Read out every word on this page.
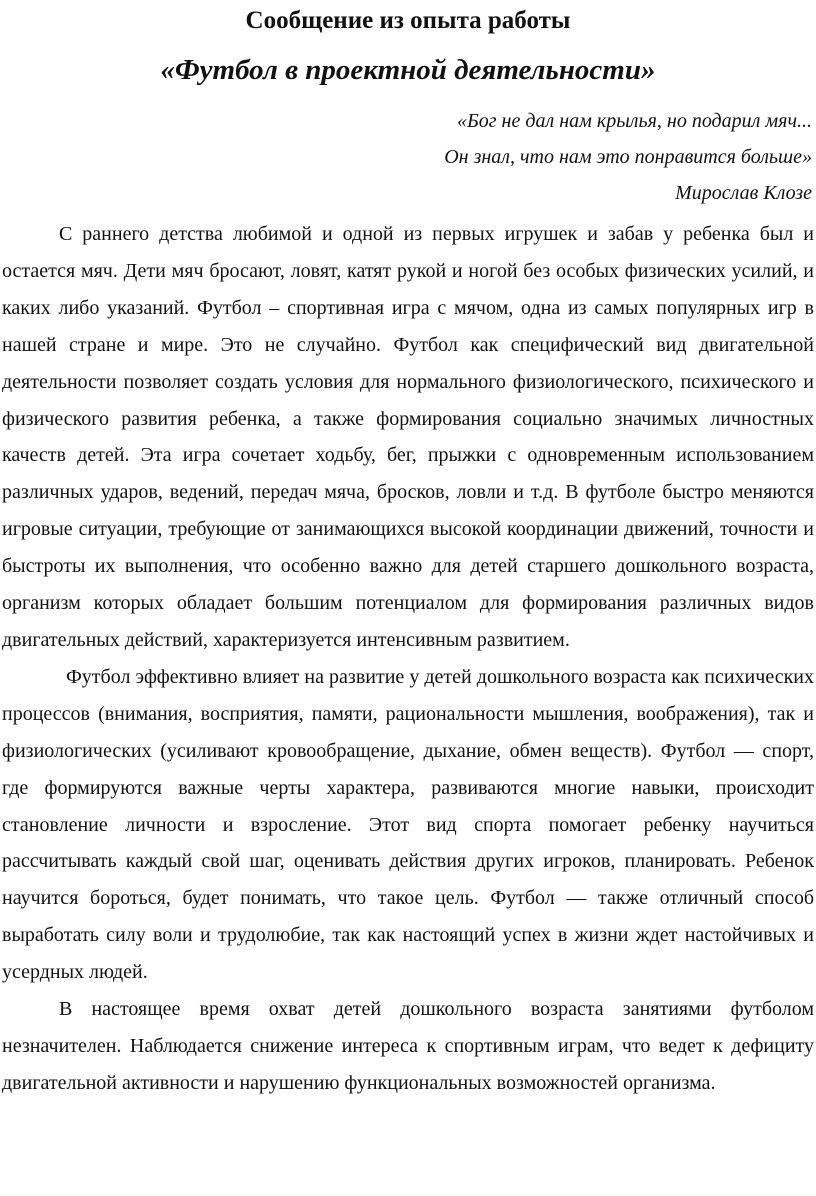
Сообщение из опыта работы
«Футбол в проектной деятельности»
«Бог не дал нам крылья, но подарил мяч...
Он знал, что нам это понравится больше»
Мирослав Клозе

С раннего детства любимой и одной из первых игрушек и забав у ребенка был и остается мяч. Дети мяч бросают, ловят, катят рукой и ногой без особых физических усилий, и каких либо указаний. Футбол – спортивная игра с мячом, одна из самых популярных игр в нашей стране и мире. Это не случайно. Футбол как специфический вид двигательной деятельности позволяет создать условия для нормального физиологического, психического и физического развития ребенка, а также формирования социально значимых личностных качеств детей. Эта игра сочетает ходьбу, бег, прыжки с одновременным использованием различных ударов, ведений, передач мяча, бросков, ловли и т.д. В футболе быстро меняются игровые ситуации, требующие от занимающихся высокой координации движений, точности и быстроты их выполнения, что особенно важно для детей старшего дошкольного возраста, организм которых обладает большим потенциалом для формирования различных видов двигательных действий, характеризуется интенсивным развитием.

Футбол эффективно влияет на развитие у детей дошкольного возраста как психических процессов (внимания, восприятия, памяти, рациональности мышления, воображения), так и физиологических (усиливают кровообращение, дыхание, обмен веществ). Футбол — спорт, где формируются важные черты характера, развиваются многие навыки, происходит становление личности и взросление. Этот вид спорта помогает ребенку научиться рассчитывать каждый свой шаг, оценивать действия других игроков, планировать. Ребенок научится бороться, будет понимать, что такое цель. Футбол — также отличный способ выработать силу воли и трудолюбие, так как настоящий успех в жизни ждет настойчивых и усердных людей.

В настоящее время охват детей дошкольного возраста занятиями футболом незначителен. Наблюдается снижение интереса к спортивным играм, что ведет к дефициту двигательной активности и нарушению функциональных возможностей организма.
